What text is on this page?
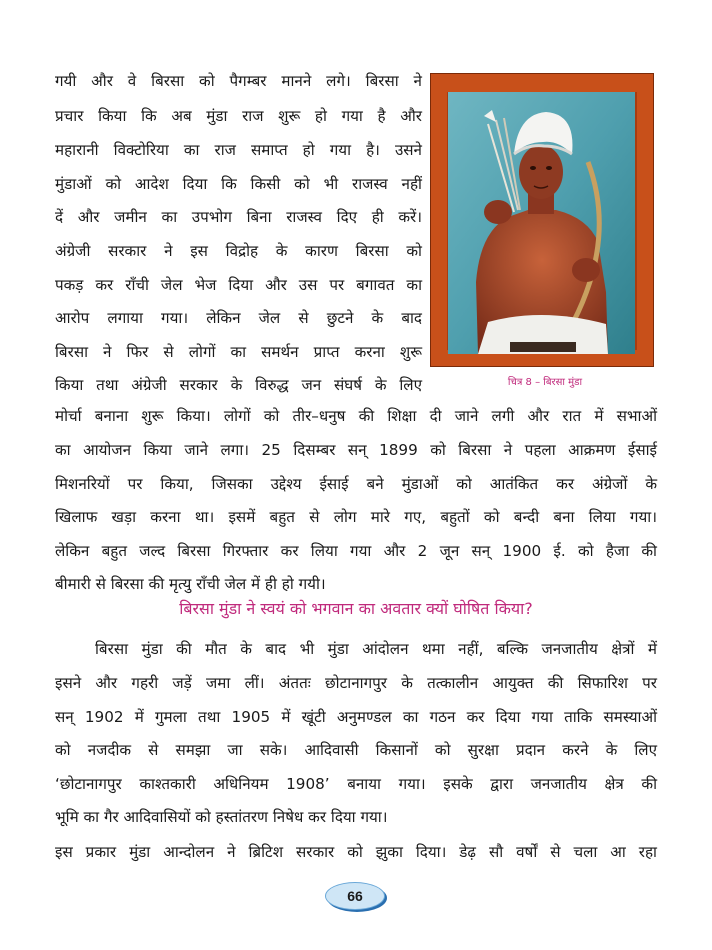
गयी और वे बिरसा को पैगम्बर मानने लगे। बिरसा ने
प्रचार किया कि अब मुंडा राज शुरू हो गया है और
महारानी विक्टोरिया का राज समाप्त हो गया है। उसने
मुंडाओं को आदेश दिया कि किसी को भी राजस्व नहीं
दें और जमीन का उपभोग बिना राजस्व दिए ही करें।
अंग्रेजी सरकार ने इस विद्रोह के कारण बिरसा को
पकड़ कर राँची जेल भेज दिया और उस पर बगावत का
आरोप लगाया गया। लेकिन जेल से छुटने के बाद
बिरसा ने फिर से लोगों का समर्थन प्राप्त करना शुरू
किया तथा अंग्रेजी सरकार के विरुद्ध जन संघर्ष के लिए
मोर्चा बनाना शुरू किया। लोगों को तीर–धनुष की शिक्षा दी जाने लगी और रात में सभाओं
का आयोजन किया जाने लगा। 25 दिसम्बर सन् 1899 को बिरसा ने पहला आक्रमण ईसाई
मिशनरियों पर किया, जिसका उद्देश्य ईसाई बने मुंडाओं को आतंकित कर अंग्रेजों के
खिलाफ खड़ा करना था। इसमें बहुत से लोग मारे गए, बहुतों को बन्दी बना लिया गया।
लेकिन बहुत जल्द बिरसा गिरफ्तार कर लिया गया और 2 जून सन् 1900 ई. को हैजा की
बीमारी से बिरसा की मृत्यु राँची जेल में ही हो गयी।
चित्र 8 – बिरसा मुंडा
बिरसा मुंडा ने स्वयं को भगवान का अवतार क्यों घोषित किया?
बिरसा मुंडा की मौत के बाद भी मुंडा आंदोलन थमा नहीं, बल्कि जनजातीय क्षेत्रों में
इसने और गहरी जड़ें जमा लीं। अंततः छोटानागपुर के तत्कालीन आयुक्त की सिफारिश पर
सन् 1902 में गुमला तथा 1905 में खूंटी अनुमण्डल का गठन कर दिया गया ताकि समस्याओं
को नजदीक से समझा जा सके। आदिवासी किसानों को सुरक्षा प्रदान करने के लिए
‘छोटानागपुर काश्तकारी अधिनियम 1908’ बनाया गया। इसके द्वारा जनजातीय क्षेत्र की
भूमि का गैर आदिवासियों को हस्तांतरण निषेध कर दिया गया।
इस प्रकार मुंडा आन्दोलन ने ब्रिटिश सरकार को झुका दिया। डेढ़ सौ वर्षों से चला आ रहा
66
